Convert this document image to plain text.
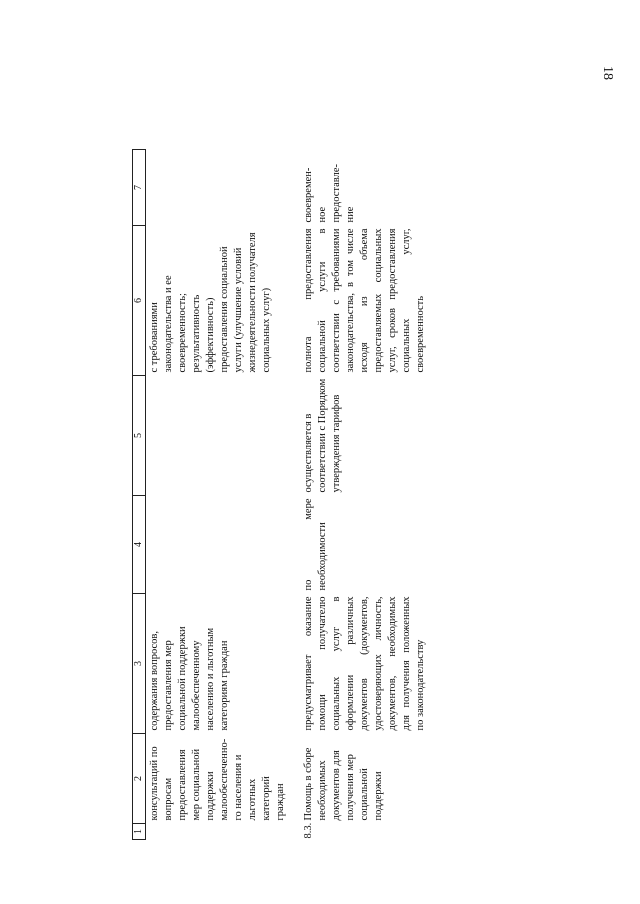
18
1	2	3	4	5	6	7
	консультаций по вопросам предоставления мер социальной поддержки малообеспеченно-го населения и льготных категорий граждан	содержания вопросов, предоставления мер социальной поддержки малообеспеченному населению и льготным категориям граждан			с требованиями законодательства и ее своевременность; результативность (эффективность) предоставления социальной услуги (улучшение условий жизнедеятельности получателя социальных услуг)	
8.3.	Помощь в сборе необходимых документов для получения мер социальной поддержки	предусматривает оказание помощи получателю социальных услуг в оформлении различных документов (документов, удостоверяющих личность, документов, необходимых для получения положенных по законодательству	по мере необходимости	осуществляется в соответствии с Порядком утверждения тарифов	полнота предоставления социальной услуги в соответствии с требованиями законодательства, в том числе исходя из объема предоставляемых социальных услуг, сроков предоставления социальных услуг, своевременность	своевремен-ное предоставле-ние
